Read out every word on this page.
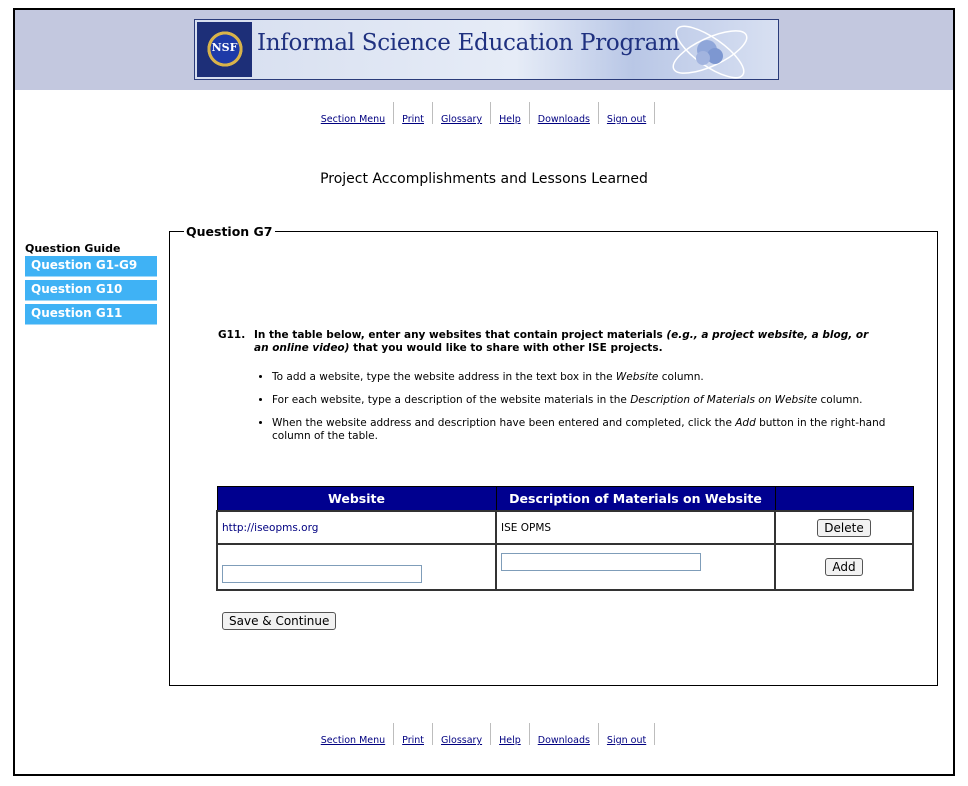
NSF Informal Science Education Program
Section Menu Print Glossary Help Downloads Sign out
Project Accomplishments and Lessons Learned
Question Guide
Question G1-G9
Question G10
Question G11
Question G7
G11. In the table below, enter any websites that contain project materials (e.g., a project website, a blog, or an online video) that you would like to share with other ISE projects.
• To add a website, type the website address in the text box in the Website column.
• For each website, type a description of the website materials in the Description of Materials on Website column.
• When the website address and description have been entered and completed, click the Add button in the right-hand column of the table.
Website	Description of Materials on Website	
http://iseopms.org	ISE OPMS	Delete
		Add
Save & Continue
Section Menu Print Glossary Help Downloads Sign out
